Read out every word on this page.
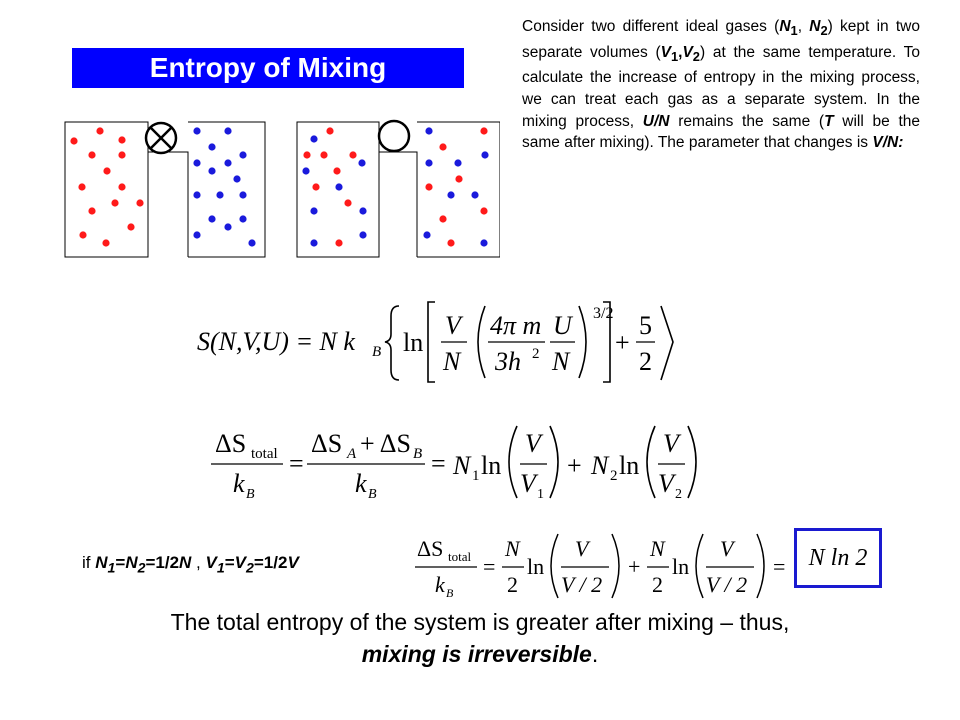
Entropy of Mixing
Consider two different ideal gases ($N_1$, $N_2$) kept in two separate volumes $(V_1,V_2)$ at the same temperature. To calculate the increase of entropy in the mixing process, we can treat each gas as a separate system. In the mixing process, U/N remains the same (T will be the same after mixing). The parameter that changes is V/N:
S(N,V,U) = N k B ln
V
N
4π m
3h 2
U
N
3/2
+
5
2
ΔS total
k B
=
ΔS A + ΔS B
k B
= N 1 ln
V
V 1
+ N 2 ln
V
V 2
if $N_1=N_2=1/2N$ , $V_1=V_2=1/2V$
ΔS total
k B
=
N
2
ln
V
V / 2
+
N
2
ln
V
V / 2
= N ln 2
The total entropy of the system is greater after mixing – thus,
mixing is irreversible.
